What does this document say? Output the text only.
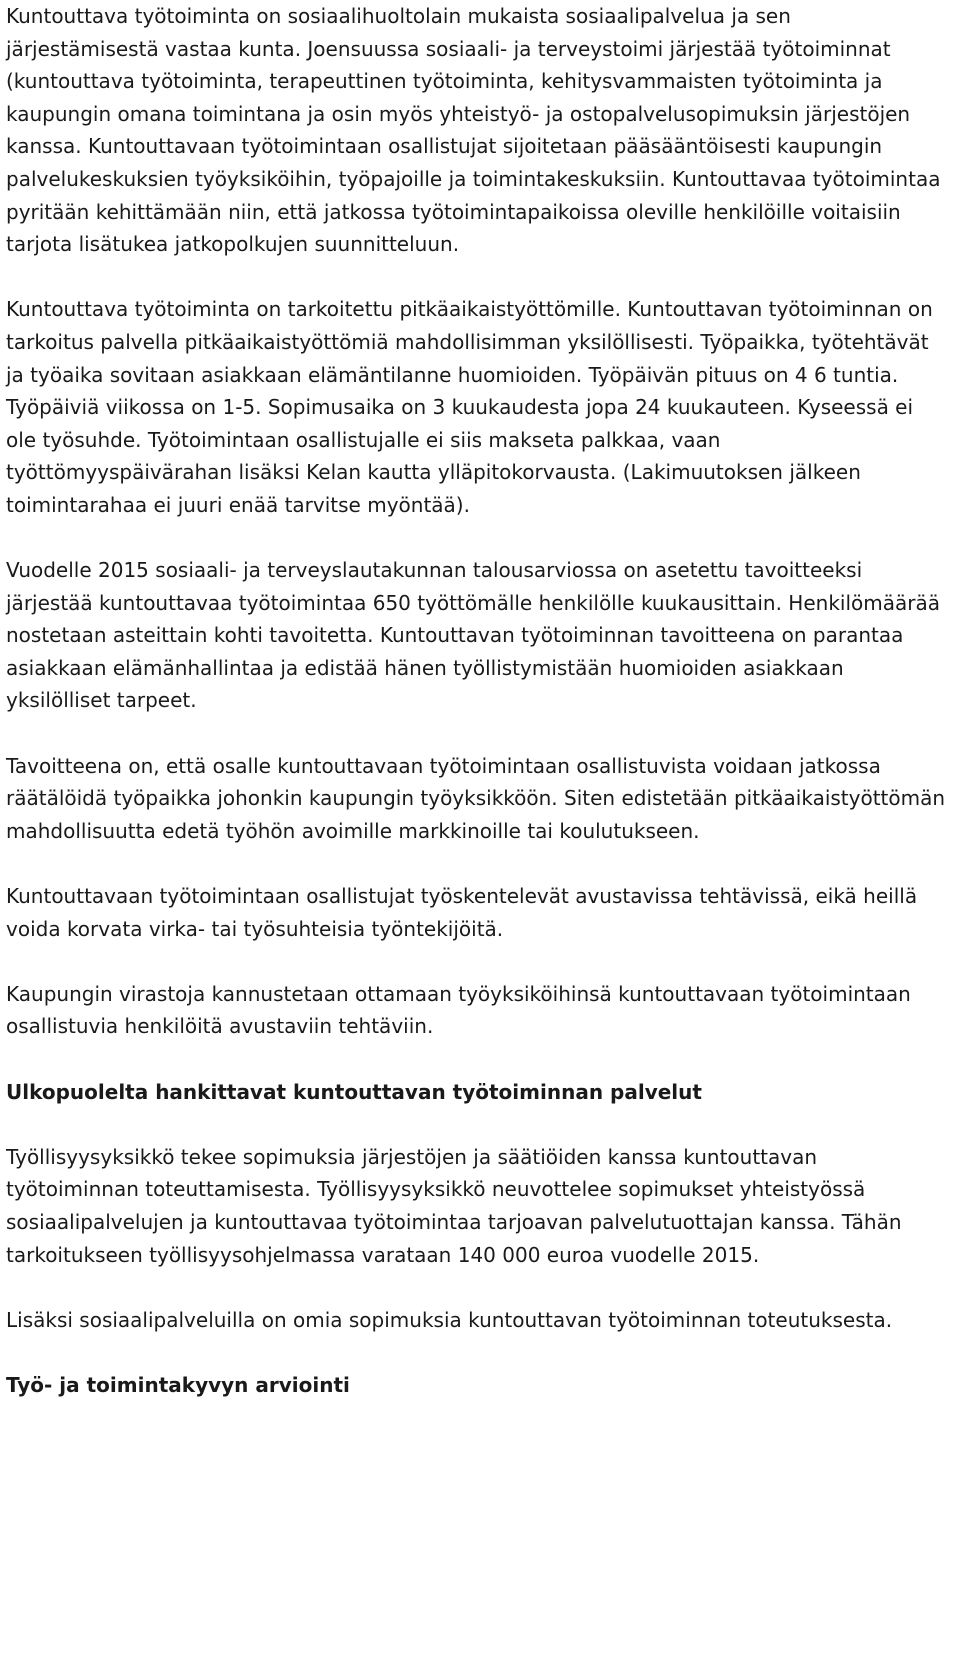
Kuntouttava työtoiminta on sosiaalihuoltolain mukaista sosiaalipalvelua ja sen järjestämisestä vastaa kunta. Joensuussa sosiaali- ja terveystoimi järjestää työtoiminnat (kuntouttava työtoiminta, terapeuttinen työtoiminta, kehitysvammaisten työtoiminta ja kaupungin omana toimintana ja osin myös yhteistyö- ja ostopalvelusopimuksin järjestöjen kanssa. Kuntouttavaan työtoimintaan osallistujat sijoitetaan pääsääntöisesti kaupungin palvelukeskuksien työyksiköihin, työpajoille ja toimintakeskuksiin. Kuntouttavaa työtoimintaa pyritään kehittämään niin, että jatkossa työtoimintapaikoissa oleville henkilöille voitaisiin tarjota lisätukea jatkopolkujen suunnitteluun.

Kuntouttava työtoiminta on tarkoitettu pitkäaikaistyöttömille. Kuntouttavan työtoiminnan on tarkoitus palvella pitkäaikaistyöttömiä mahdollisimman yksilöllisesti. Työpaikka, työtehtävät ja työaika sovitaan asiakkaan elämäntilanne huomioiden. Työpäivän pituus on 4 6 tuntia. Työpäiviä viikossa on 1-5. Sopimusaika on 3 kuukaudesta jopa 24 kuukauteen. Kyseessä ei ole työsuhde. Työtoimintaan osallistujalle ei siis makseta palkkaa, vaan työttömyyspäivärahan lisäksi Kelan kautta ylläpitokorvausta. (Lakimuutoksen jälkeen toimintarahaa ei juuri enää tarvitse myöntää).

Vuodelle 2015 sosiaali- ja terveyslautakunnan talousarviossa on asetettu tavoitteeksi järjestää kuntouttavaa työtoimintaa 650 työttömälle henkilölle kuukausittain. Henkilömäärää nostetaan asteittain kohti tavoitetta. Kuntouttavan työtoiminnan tavoitteena on parantaa asiakkaan elämänhallintaa ja edistää hänen työllistymistään huomioiden asiakkaan yksilölliset tarpeet.

Tavoitteena on, että osalle kuntouttavaan työtoimintaan osallistuvista voidaan jatkossa räätälöidä työpaikka johonkin kaupungin työyksikköön. Siten edistetään pitkäaikaistyöttömän mahdollisuutta edetä työhön avoimille markkinoille tai koulutukseen.

Kuntouttavaan työtoimintaan osallistujat työskentelevät avustavissa tehtävissä, eikä heillä voida korvata virka- tai työsuhteisia työntekijöitä.

Kaupungin virastoja kannustetaan ottamaan työyksiköihinsä kuntouttavaan työtoimintaan osallistuvia henkilöitä avustaviin tehtäviin.

Ulkopuolelta hankittavat kuntouttavan työtoiminnan palvelut

Työllisyysyksikkö tekee sopimuksia järjestöjen ja säätiöiden kanssa kuntouttavan työtoiminnan toteuttamisesta. Työllisyysyksikkö neuvottelee sopimukset yhteistyössä sosiaalipalvelujen ja kuntouttavaa työtoimintaa tarjoavan palvelutuottajan kanssa. Tähän tarkoitukseen työllisyysohjelmassa varataan 140 000 euroa vuodelle 2015.

Lisäksi sosiaalipalveluilla on omia sopimuksia kuntouttavan työtoiminnan toteutuksesta.

Työ- ja toimintakyvyn arviointi
